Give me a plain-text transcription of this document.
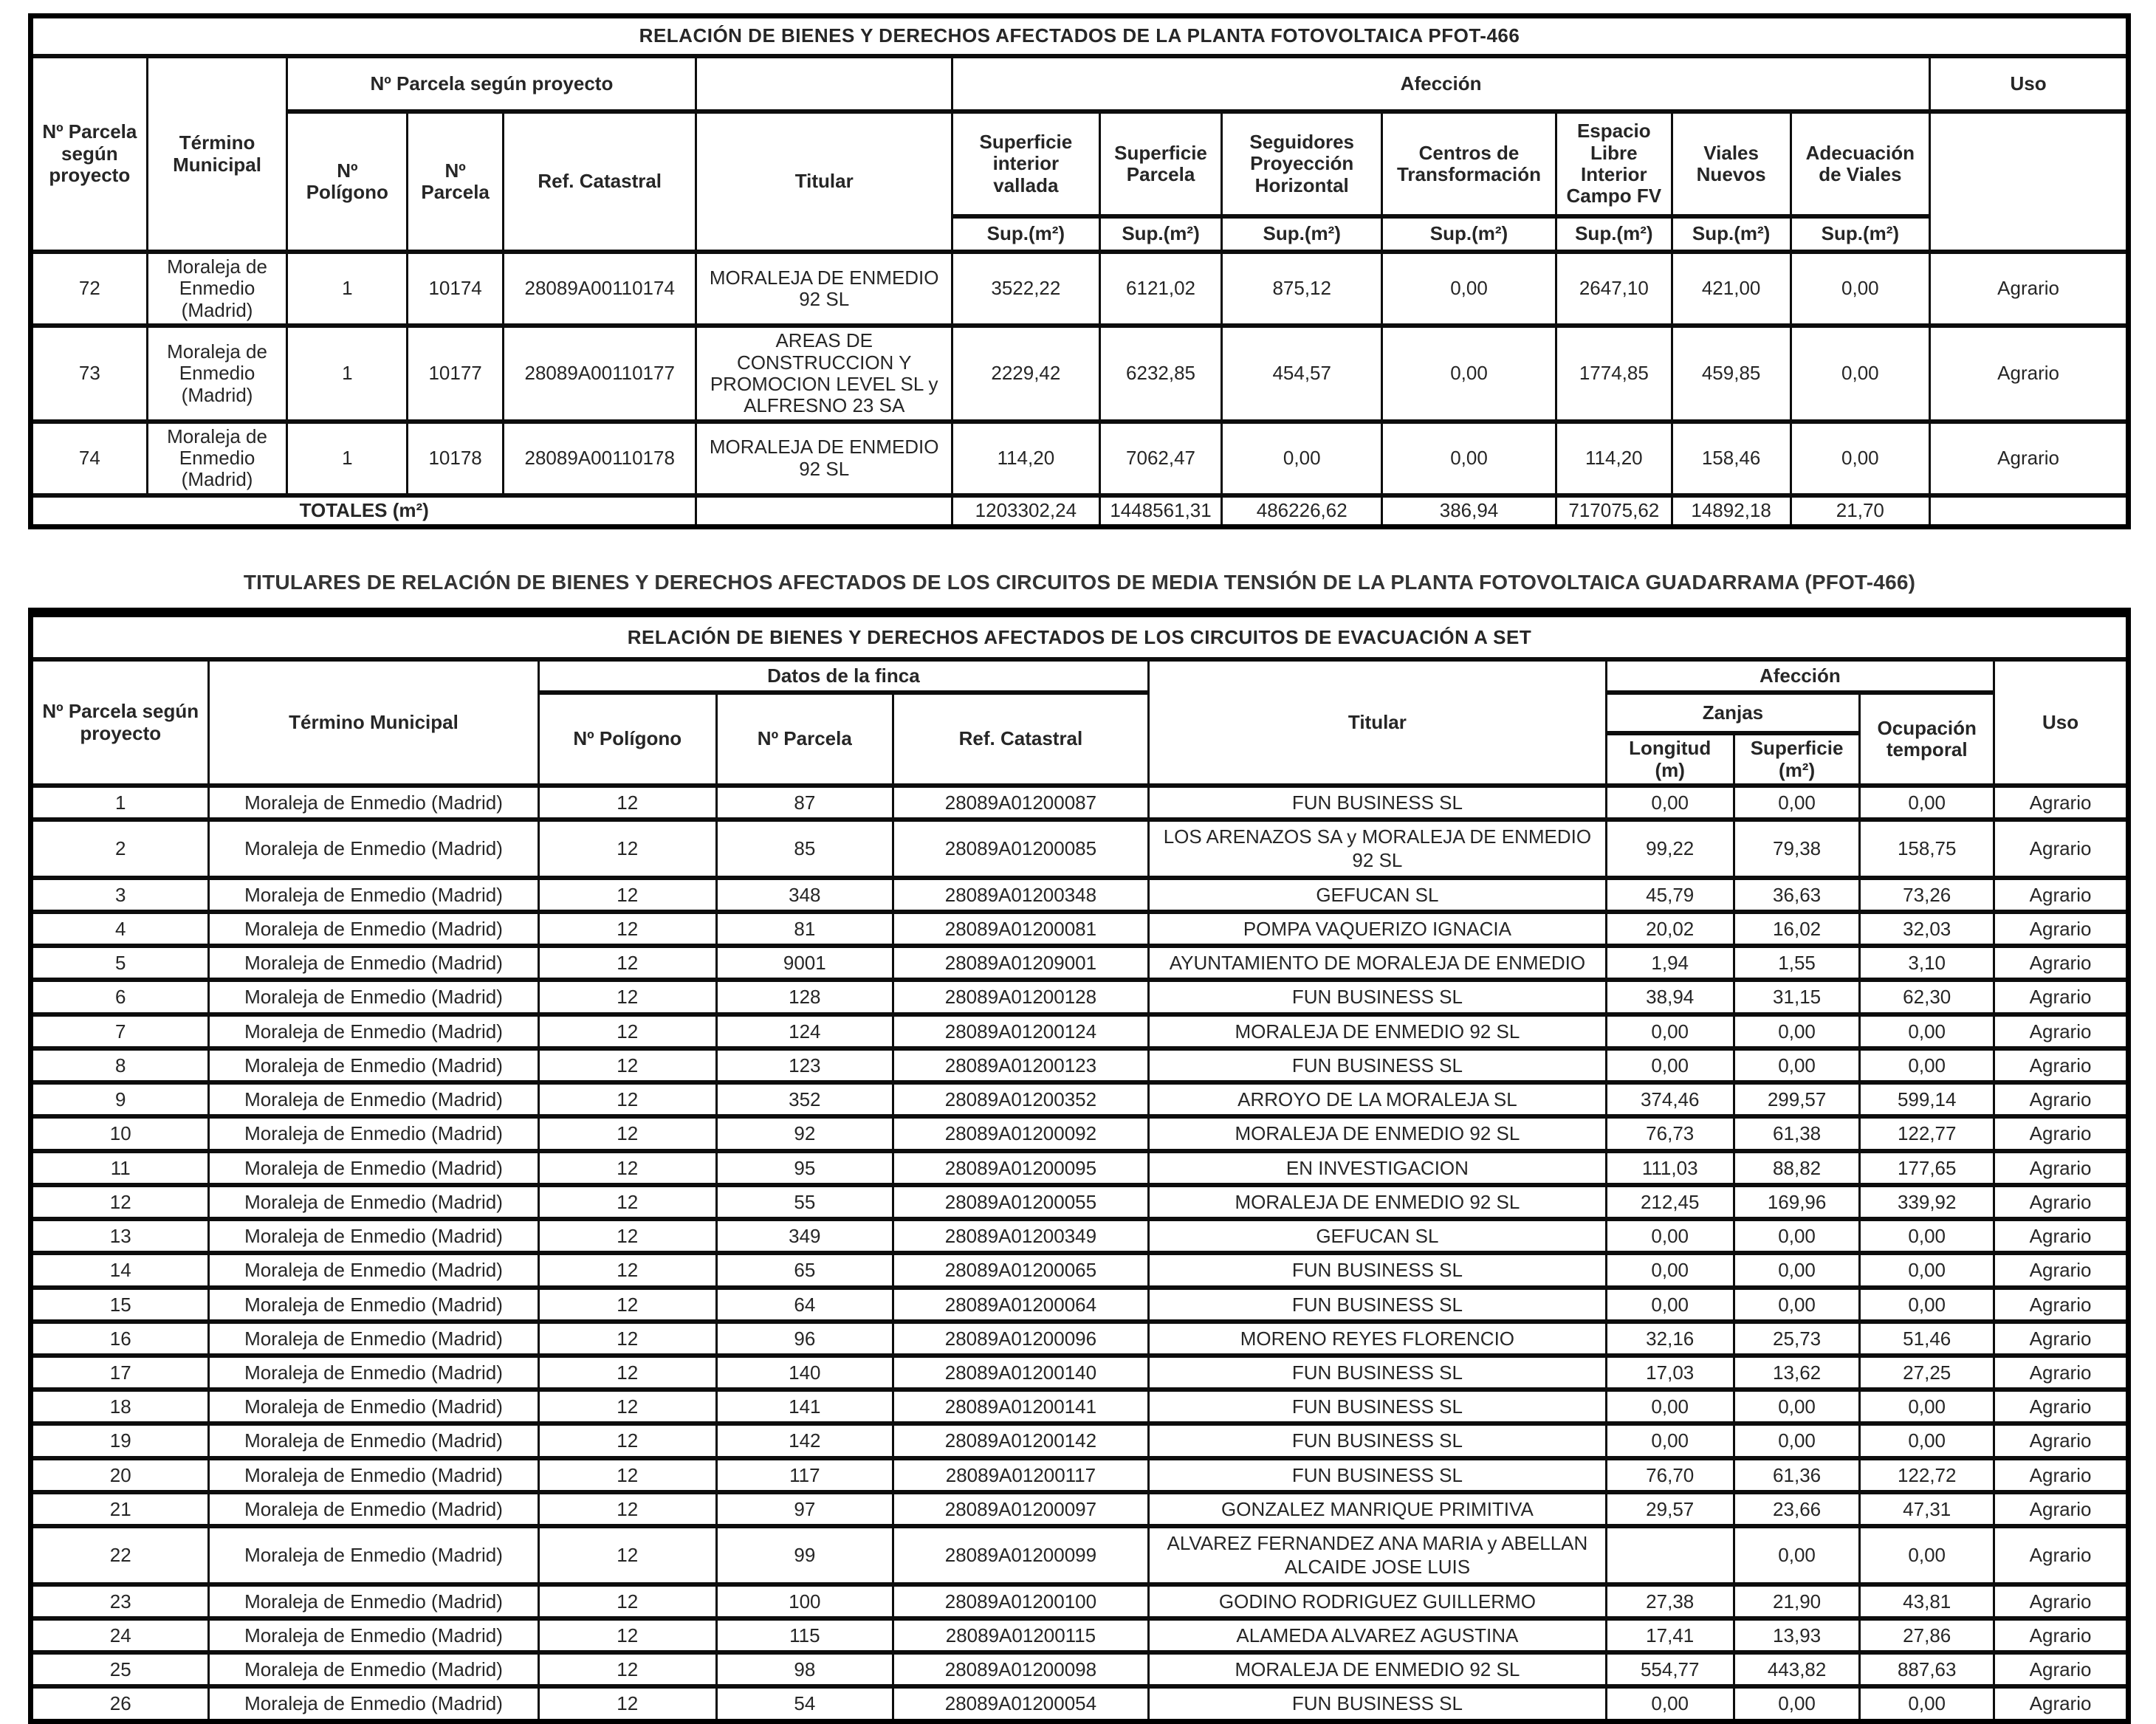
RELACIÓN DE BIENES Y DERECHOS AFECTADOS DE LA PLANTA FOTOVOLTAICA PFOT-466													
Nº Parcela según proyecto	Término Municipal	Nº Parcela según proyecto				Afección							Uso
		Nº Polígono	Nº Parcela	Ref. Catastral	Titular	Superficie interior vallada	Superficie Parcela	Seguidores Proyección Horizontal	Centros de Transformación	Espacio Libre Interior Campo FV	Viales Nuevos	Adecuación de Viales	
						Sup.(m²)	Sup.(m²)	Sup.(m²)	Sup.(m²)	Sup.(m²)	Sup.(m²)	Sup.(m²)	
72	Moraleja de Enmedio (Madrid)	1	10174	28089A00110174	MORALEJA DE ENMEDIO 92 SL	3522,22	6121,02	875,12	0,00	2647,10	421,00	0,00	Agrario
73	Moraleja de Enmedio (Madrid)	1	10177	28089A00110177	AREAS DE CONSTRUCCION Y PROMOCION LEVEL SL y ALFRESNO 23 SA	2229,42	6232,85	454,57	0,00	1774,85	459,85	0,00	Agrario
74	Moraleja de Enmedio (Madrid)	1	10178	28089A00110178	MORALEJA DE ENMEDIO 92 SL	114,20	7062,47	0,00	0,00	114,20	158,46	0,00	Agrario
TOTALES (m²)						1203302,24	1448561,31	486226,62	386,94	717075,62	14892,18	21,70	
TITULARES DE RELACIÓN DE BIENES Y DERECHOS AFECTADOS DE LOS CIRCUITOS DE MEDIA TENSIÓN DE LA PLANTA FOTOVOLTAICA GUADARRAMA (PFOT-466)
RELACIÓN DE BIENES Y DERECHOS AFECTADOS DE LOS CIRCUITOS DE EVACUACIÓN A SET									
Nº Parcela según proyecto	Término Municipal	Datos de la finca			Titular	Afección			Uso
		Nº Polígono	Nº Parcela	Ref. Catastral		Zanjas		Ocupación temporal	
						Longitud (m)	Superficie (m²)		
1	Moraleja de Enmedio (Madrid)	12	87	28089A01200087	FUN BUSINESS SL	0,00	0,00	0,00	Agrario
2	Moraleja de Enmedio (Madrid)	12	85	28089A01200085	LOS ARENAZOS SA y MORALEJA DE ENMEDIO 92 SL	99,22	79,38	158,75	Agrario
3	Moraleja de Enmedio (Madrid)	12	348	28089A01200348	GEFUCAN SL	45,79	36,63	73,26	Agrario
4	Moraleja de Enmedio (Madrid)	12	81	28089A01200081	POMPA VAQUERIZO IGNACIA	20,02	16,02	32,03	Agrario
5	Moraleja de Enmedio (Madrid)	12	9001	28089A01209001	AYUNTAMIENTO DE MORALEJA DE ENMEDIO	1,94	1,55	3,10	Agrario
6	Moraleja de Enmedio (Madrid)	12	128	28089A01200128	FUN BUSINESS SL	38,94	31,15	62,30	Agrario
7	Moraleja de Enmedio (Madrid)	12	124	28089A01200124	MORALEJA DE ENMEDIO 92 SL	0,00	0,00	0,00	Agrario
8	Moraleja de Enmedio (Madrid)	12	123	28089A01200123	FUN BUSINESS SL	0,00	0,00	0,00	Agrario
9	Moraleja de Enmedio (Madrid)	12	352	28089A01200352	ARROYO DE LA MORALEJA SL	374,46	299,57	599,14	Agrario
10	Moraleja de Enmedio (Madrid)	12	92	28089A01200092	MORALEJA DE ENMEDIO 92 SL	76,73	61,38	122,77	Agrario
11	Moraleja de Enmedio (Madrid)	12	95	28089A01200095	EN INVESTIGACION	111,03	88,82	177,65	Agrario
12	Moraleja de Enmedio (Madrid)	12	55	28089A01200055	MORALEJA DE ENMEDIO 92 SL	212,45	169,96	339,92	Agrario
13	Moraleja de Enmedio (Madrid)	12	349	28089A01200349	GEFUCAN SL	0,00	0,00	0,00	Agrario
14	Moraleja de Enmedio (Madrid)	12	65	28089A01200065	FUN BUSINESS SL	0,00	0,00	0,00	Agrario
15	Moraleja de Enmedio (Madrid)	12	64	28089A01200064	FUN BUSINESS SL	0,00	0,00	0,00	Agrario
16	Moraleja de Enmedio (Madrid)	12	96	28089A01200096	MORENO REYES FLORENCIO	32,16	25,73	51,46	Agrario
17	Moraleja de Enmedio (Madrid)	12	140	28089A01200140	FUN BUSINESS SL	17,03	13,62	27,25	Agrario
18	Moraleja de Enmedio (Madrid)	12	141	28089A01200141	FUN BUSINESS SL	0,00	0,00	0,00	Agrario
19	Moraleja de Enmedio (Madrid)	12	142	28089A01200142	FUN BUSINESS SL	0,00	0,00	0,00	Agrario
20	Moraleja de Enmedio (Madrid)	12	117	28089A01200117	FUN BUSINESS SL	76,70	61,36	122,72	Agrario
21	Moraleja de Enmedio (Madrid)	12	97	28089A01200097	GONZALEZ MANRIQUE PRIMITIVA	29,57	23,66	47,31	Agrario
22	Moraleja de Enmedio (Madrid)	12	99	28089A01200099	ALVAREZ FERNANDEZ ANA MARIA y ABELLAN ALCAIDE JOSE LUIS		0,00	0,00	Agrario
23	Moraleja de Enmedio (Madrid)	12	100	28089A01200100	GODINO RODRIGUEZ GUILLERMO	27,38	21,90	43,81	Agrario
24	Moraleja de Enmedio (Madrid)	12	115	28089A01200115	ALAMEDA ALVAREZ AGUSTINA	17,41	13,93	27,86	Agrario
25	Moraleja de Enmedio (Madrid)	12	98	28089A01200098	MORALEJA DE ENMEDIO 92 SL	554,77	443,82	887,63	Agrario
26	Moraleja de Enmedio (Madrid)	12	54	28089A01200054	FUN BUSINESS SL	0,00	0,00	0,00	Agrario
